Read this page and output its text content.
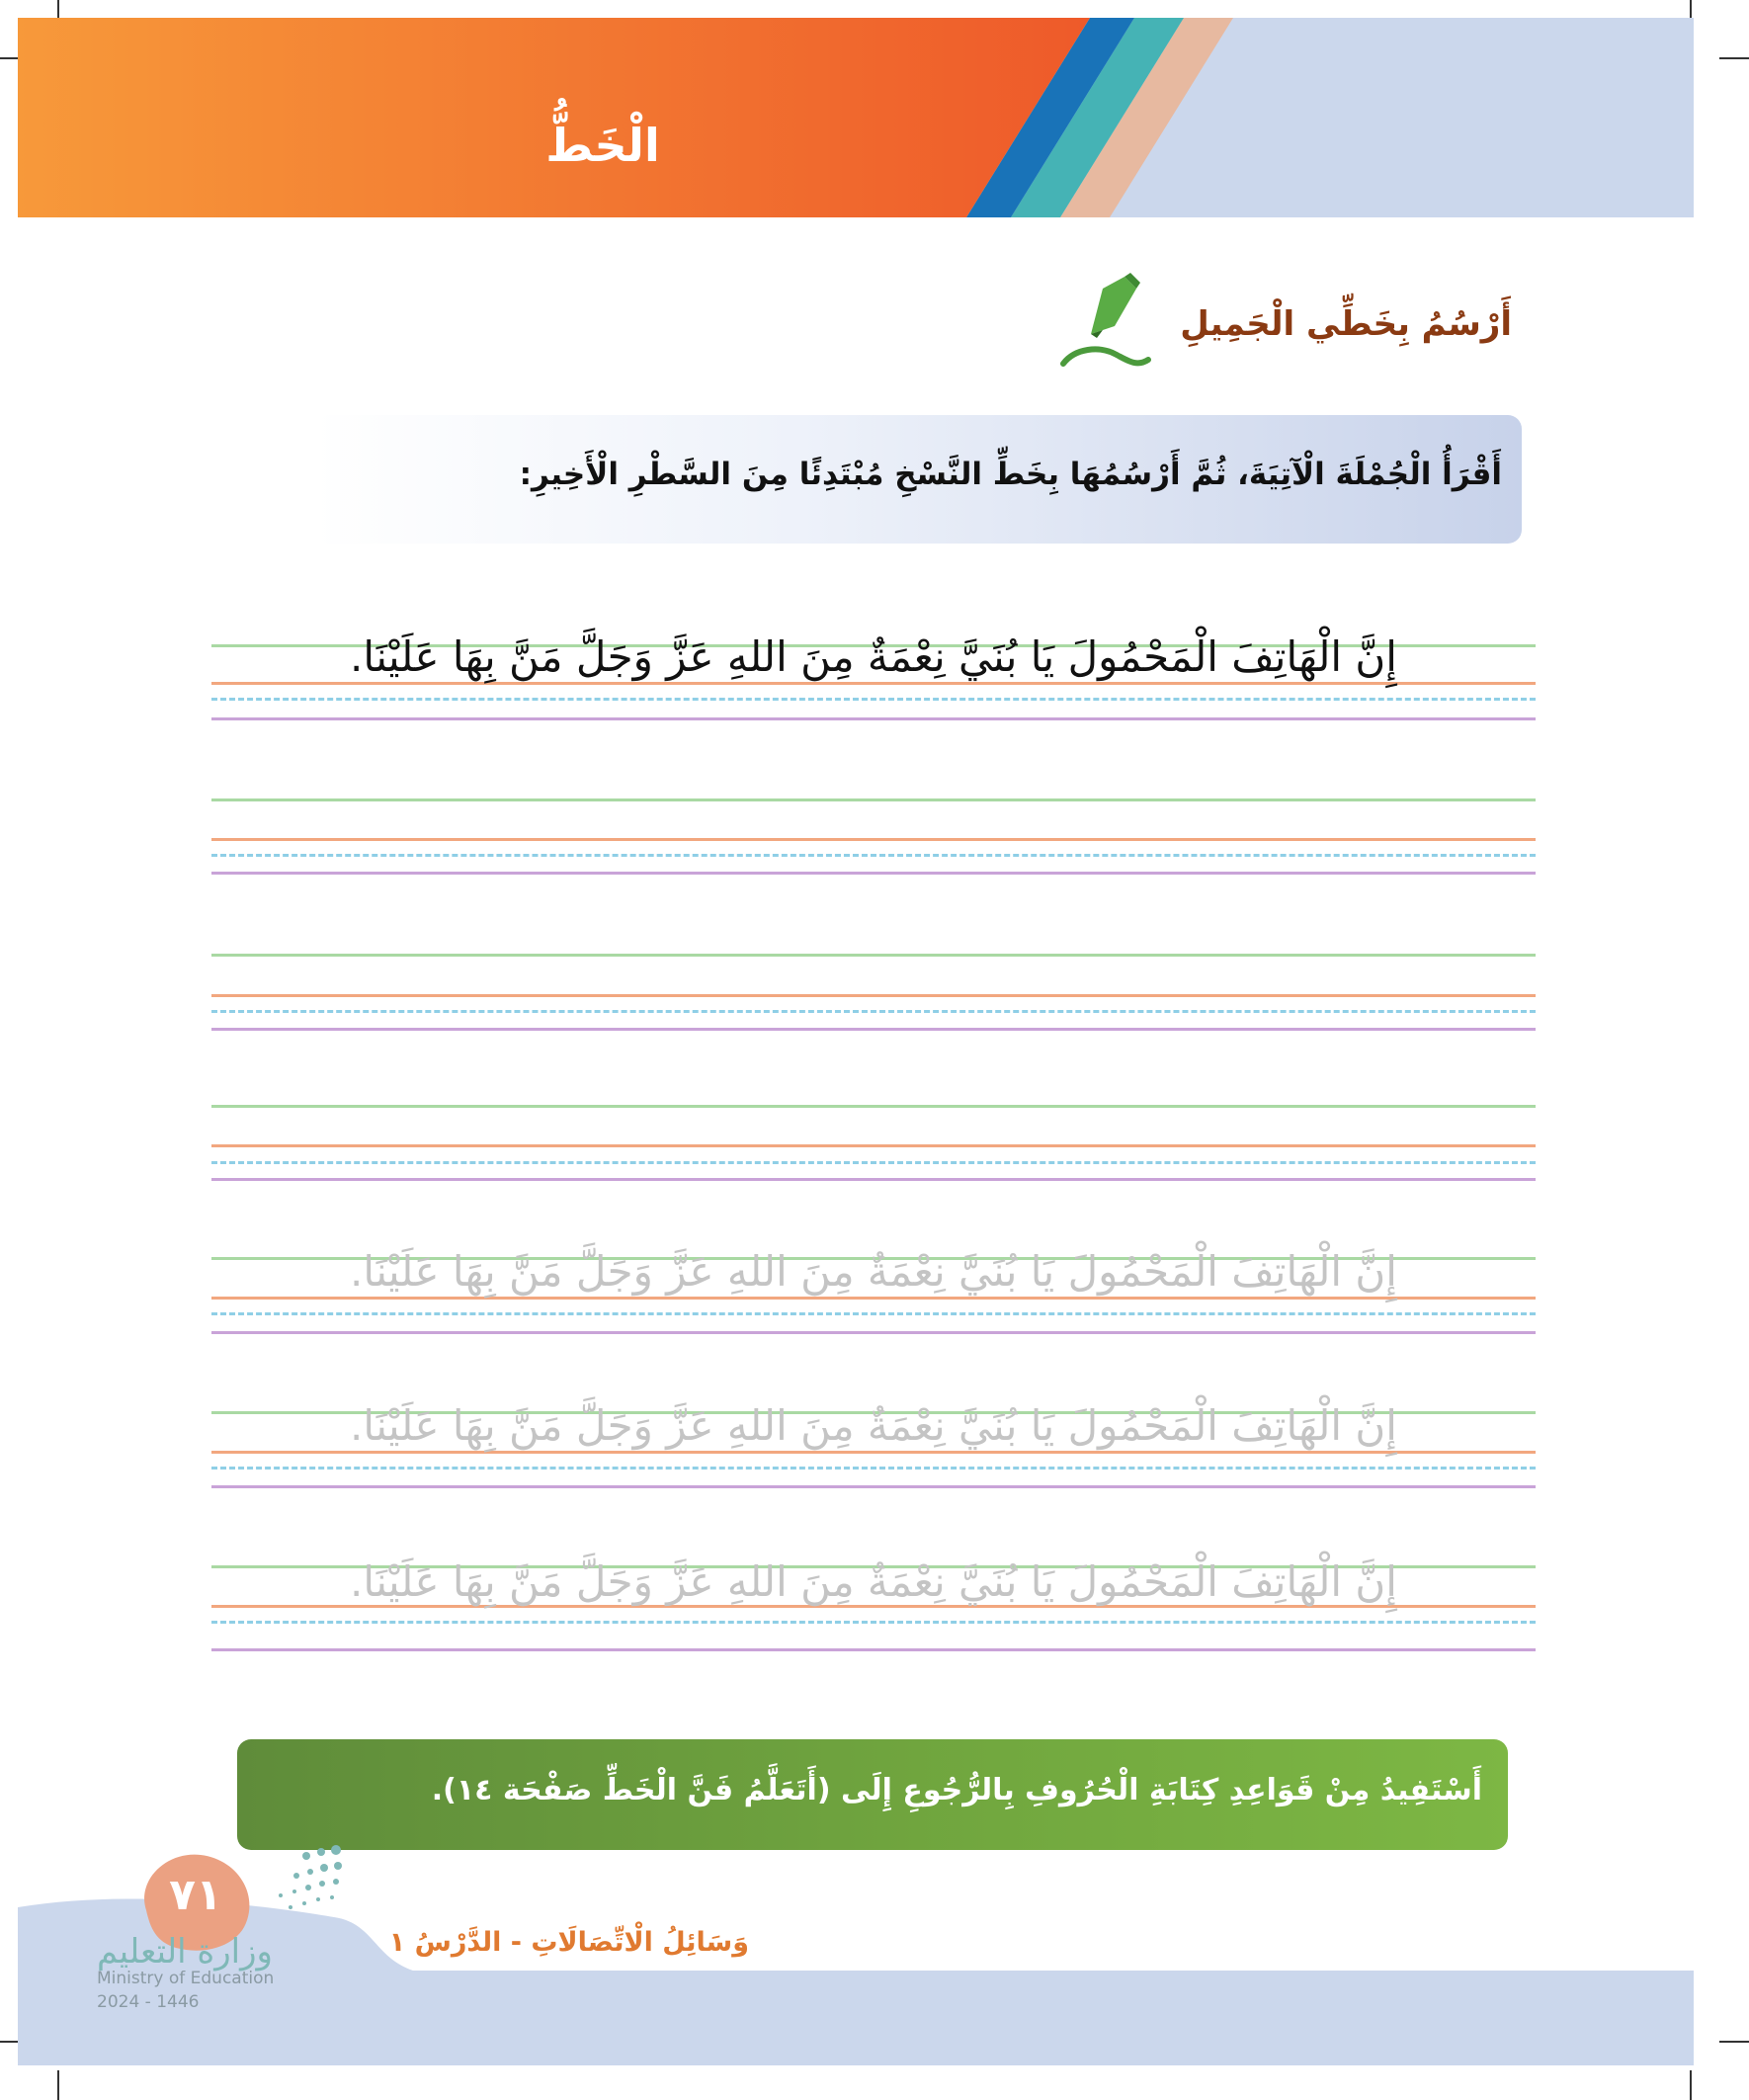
الْخَطُّ
أَرْسُمُ بِخَطِّي الْجَمِيلِ
أَقْرَأُ الْجُمْلَةَ الْآتِيَةَ، ثُمَّ أَرْسُمُهَا بِخَطِّ النَّسْخِ مُبْتَدِئًا مِنَ السَّطْرِ الْأَخِيرِ:
إِنَّ الْهَاتِفَ الْمَحْمُولَ يَا بُنَيَّ نِعْمَةٌ مِنَ اللهِ عَزَّ وَجَلَّ مَنَّ بِهَا عَلَيْنَا.
إِنَّ الْهَاتِفَ الْمَحْمُولَ يَا بُنَيَّ نِعْمَةٌ مِنَ اللهِ عَزَّ وَجَلَّ مَنَّ بِهَا عَلَيْنَا.
إِنَّ الْهَاتِفَ الْمَحْمُولَ يَا بُنَيَّ نِعْمَةٌ مِنَ اللهِ عَزَّ وَجَلَّ مَنَّ بِهَا عَلَيْنَا.
إِنَّ الْهَاتِفَ الْمَحْمُولَ يَا بُنَيَّ نِعْمَةٌ مِنَ اللهِ عَزَّ وَجَلَّ مَنَّ بِهَا عَلَيْنَا.
أَسْتَفِيدُ مِنْ قَوَاعِدِ كِتَابَةِ الْحُرُوفِ بِالرُّجُوعِ إِلَى (أَتَعَلَّمُ فَنَّ الْخَطِّ صَفْحَة ١٤).
٧١
وزارة التعليم
Ministry of Education
2024 - 1446
وَسَائِلُ الْاتِّصَالَاتِ - الدَّرْسُ ١
